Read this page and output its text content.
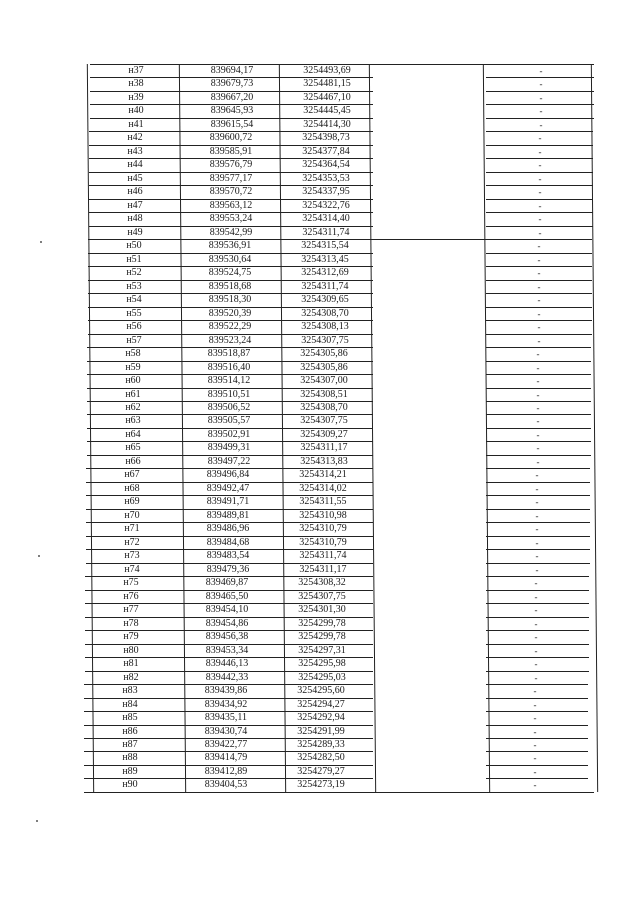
н37	839694,17	3254493,69	-
н38	839679,73	3254481,15	-
н39	839667,20	3254467,10	-
н40	839645,93	3254445,45	-
н41	839615,54	3254414,30	-
н42	839600,72	3254398,73	-
н43	839585,91	3254377,84	-
н44	839576,79	3254364,54	-
н45	839577,17	3254353,53	-
н46	839570,72	3254337,95	-
н47	839563,12	3254322,76	-
н48	839553,24	3254314,40	-
н49	839542,99	3254311,74	-
н50	839536,91	3254315,54	-
н51	839530,64	3254313,45	-
н52	839524,75	3254312,69	-
н53	839518,68	3254311,74	-
н54	839518,30	3254309,65	-
н55	839520,39	3254308,70	-
н56	839522,29	3254308,13	-
н57	839523,24	3254307,75	-
н58	839518,87	3254305,86	-
н59	839516,40	3254305,86	-
н60	839514,12	3254307,00	-
н61	839510,51	3254308,51	-
н62	839506,52	3254308,70	-
н63	839505,57	3254307,75	-
н64	839502,91	3254309,27	-
н65	839499,31	3254311,17	-
н66	839497,22	3254313,83	-
н67	839496,84	3254314,21	-
н68	839492,47	3254314,02	-
н69	839491,71	3254311,55	-
н70	839489,81	3254310,98	-
н71	839486,96	3254310,79	-
н72	839484,68	3254310,79	-
н73	839483,54	3254311,74	-
н74	839479,36	3254311,17	-
н75	839469,87	3254308,32	-
н76	839465,50	3254307,75	-
н77	839454,10	3254301,30	-
н78	839454,86	3254299,78	-
н79	839456,38	3254299,78	-
н80	839453,34	3254297,31	-
н81	839446,13	3254295,98	-
н82	839442,33	3254295,03	-
н83	839439,86	3254295,60	-
н84	839434,92	3254294,27	-
н85	839435,11	3254292,94	-
н86	839430,74	3254291,99	-
н87	839422,77	3254289,33	-
н88	839414,79	3254282,50	-
н89	839412,89	3254279,27	-
н90	839404,53	3254273,19	-
